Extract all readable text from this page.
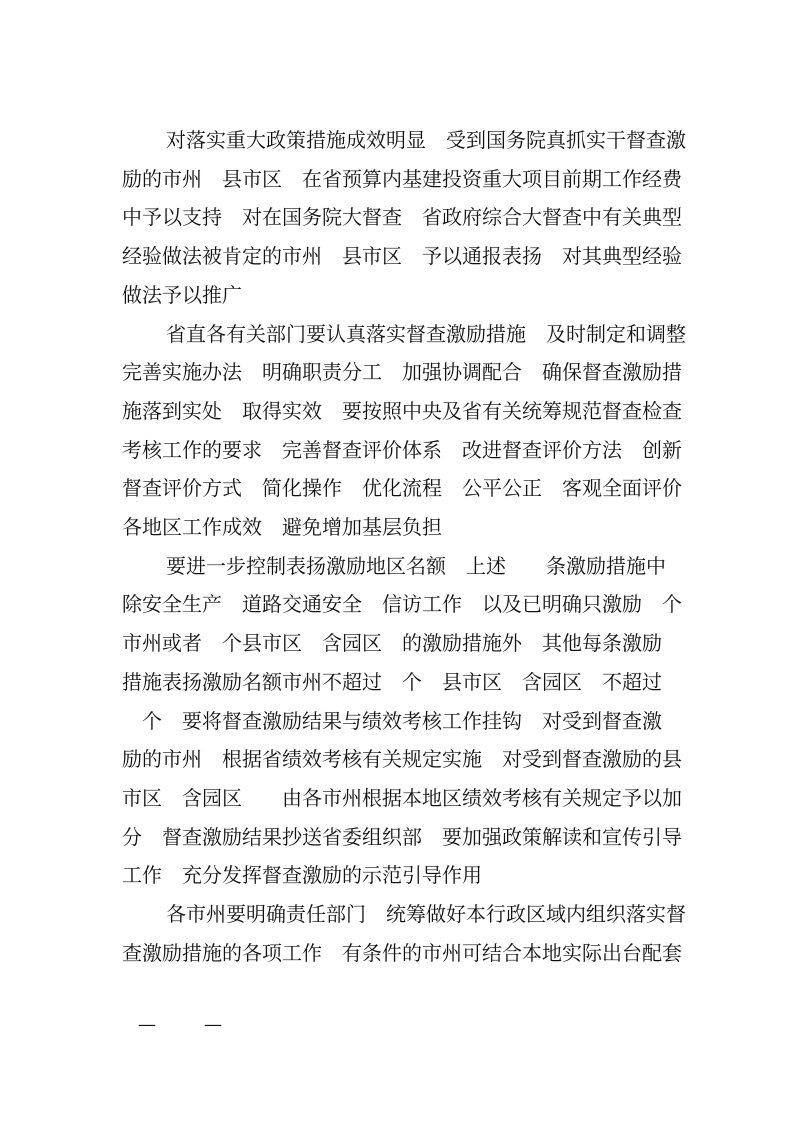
对落实重大政策措施成效明显　受到国务院真抓实干督查激
励的市州　县市区　在省预算内基建投资重大项目前期工作经费
中予以支持　对在国务院大督查　省政府综合大督查中有关典型
经验做法被肯定的市州　县市区　予以通报表扬　对其典型经验
做法予以推广
省直各有关部门要认真落实督查激励措施　及时制定和调整
完善实施办法　明确职责分工　加强协调配合　确保督查激励措
施落到实处　取得实效　要按照中央及省有关统筹规范督查检查
考核工作的要求　完善督查评价体系　改进督查评价方法　创新
督查评价方式　简化操作　优化流程　公平公正　客观全面评价
各地区工作成效　避免增加基层负担
要进一步控制表扬激励地区名额　上述　　条激励措施中
除安全生产　道路交通安全　信访工作　以及已明确只激励　个
市州或者　个县市区　含园区　的激励措施外　其他每条激励
措施表扬激励名额市州不超过　个　县市区　含园区　不超过
　个　要将督查激励结果与绩效考核工作挂钩　对受到督查激
励的市州　根据省绩效考核有关规定实施　对受到督查激励的县
市区　含园区　　由各市州根据本地区绩效考核有关规定予以加
分　督查激励结果抄送省委组织部　要加强政策解读和宣传引导
工作　充分发挥督查激励的示范引导作用
各市州要明确责任部门　统筹做好本行政区域内组织落实督
查激励措施的各项工作　有条件的市州可结合本地实际出台配套
—	—
